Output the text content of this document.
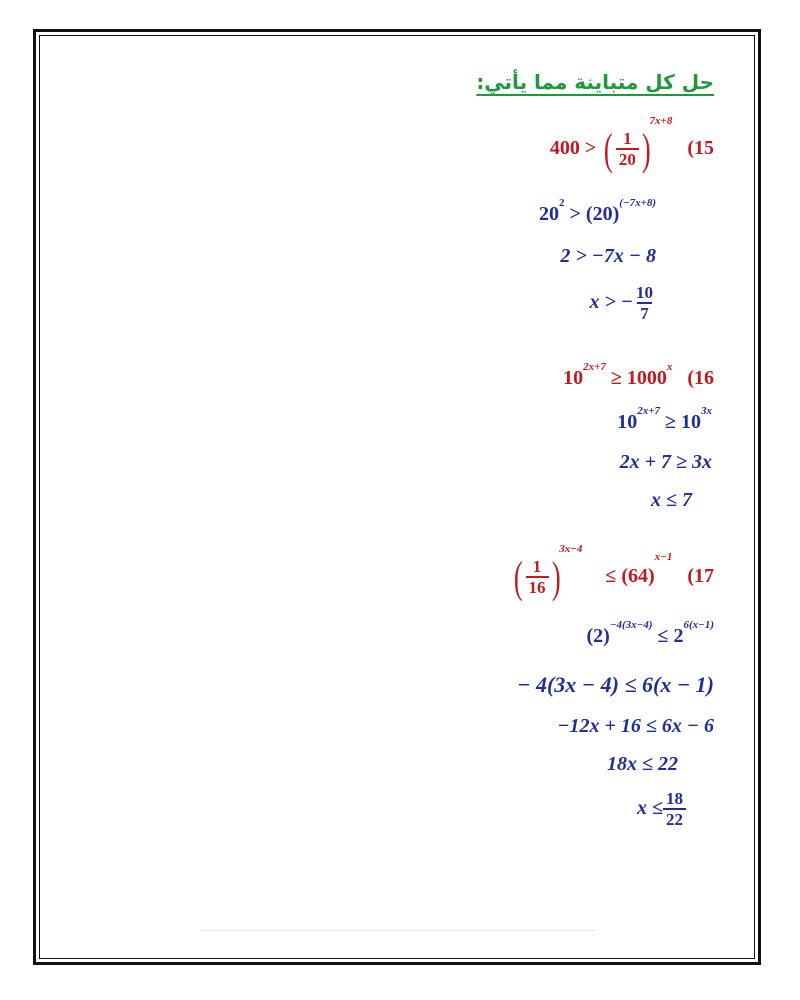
حل كل متباينة مما يأتي:
400 > ( $\frac{1}{20} )7x+8$ (15
$20^2 > (20)^{(-7x+8)}$
2 > −7x − 8
x > − $\frac{10}{7}$
$10^{2x+7} \ge 1000^x$ (16
$10^{2x+7} \ge 10^{3x}$
2x + 7 ≥ 3x
x ≤ 7
( $\frac{1}{16} )3x-4 \le (64)^{x-1}$ (17
$(2)^{-4(3x-4)} \le 2^{6(x-1)}$
− 4(3x − 4) ≤ 6(x − 1)
−12x + 16 ≤ 6x − 6
18x ≤ 22
$x \le \frac{18}{22}$
